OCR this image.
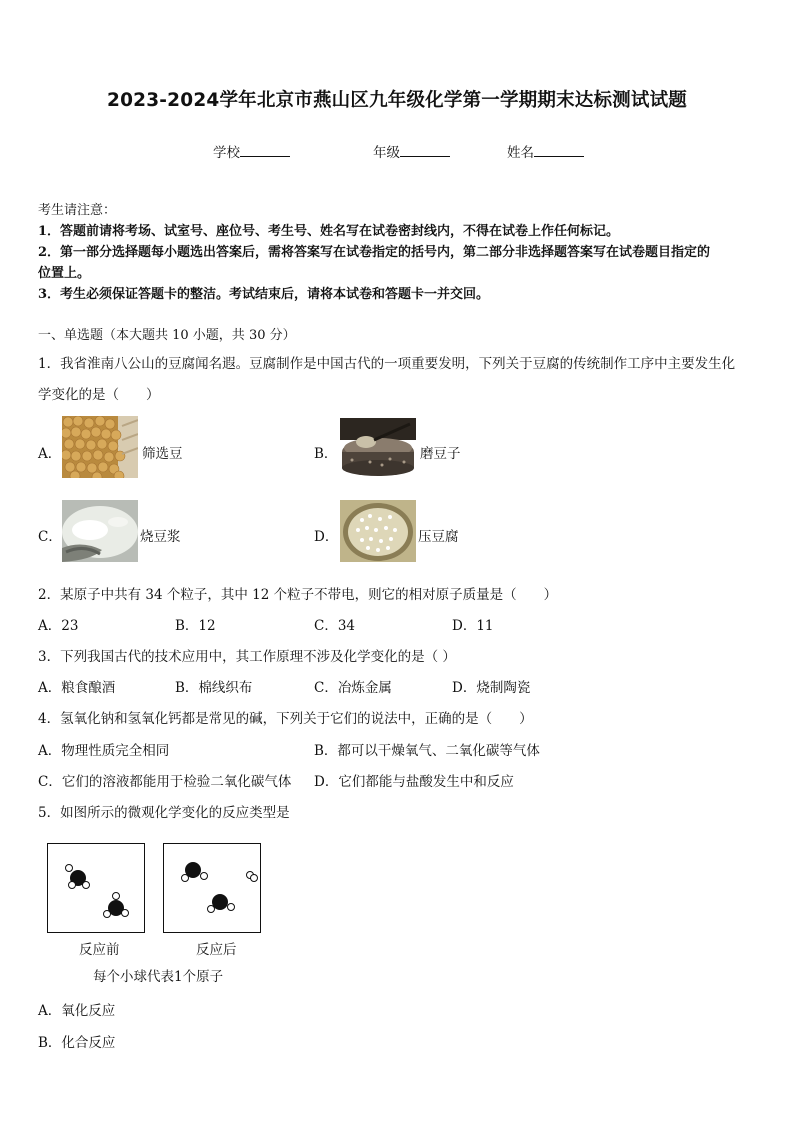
2023-2024学年北京市燕山区九年级化学第一学期期末达标测试试题
学校	年级	姓名
考生请注意：
1．答题前请将考场、试室号、座位号、考生号、姓名写在试卷密封线内，不得在试卷上作任何标记。
2．第一部分选择题每小题选出答案后，需将答案写在试卷指定的括号内，第二部分非选择题答案写在试卷题目指定的
位置上。
3．考生必须保证答题卡的整洁。考试结束后，请将本试卷和答题卡一并交回。
一、单选题（本大题共 10 小题，共 30 分）
1．我省淮南八公山的豆腐闻名遐。豆腐制作是中国古代的一项重要发明，下列关于豆腐的传统制作工序中主要发生化
学变化的是（　　）
A．	筛选豆	B．	磨豆子
C．	烧豆浆	D．	压豆腐
2．某原子中共有 34 个粒子，其中 12 个粒子不带电，则它的相对原子质量是（　　）
A．23	B．12	C．34	D．11
3．下列我国古代的技术应用中，其工作原理不涉及化学变化的是（ ）
A．粮食酿酒	B．棉线织布	C．冶炼金属	D．烧制陶瓷
4．氢氧化钠和氢氧化钙都是常见的碱，下列关于它们的说法中，正确的是（　　）
A．物理性质完全相同	B．都可以干燥氧气、二氧化碳等气体
C．它们的溶液都能用于检验二氧化碳气体 D．它们都能与盐酸发生中和反应
5．如图所示的微观化学变化的反应类型是
反应前	反应后
每个小球代表1个原子
A．氧化反应
B．化合反应
